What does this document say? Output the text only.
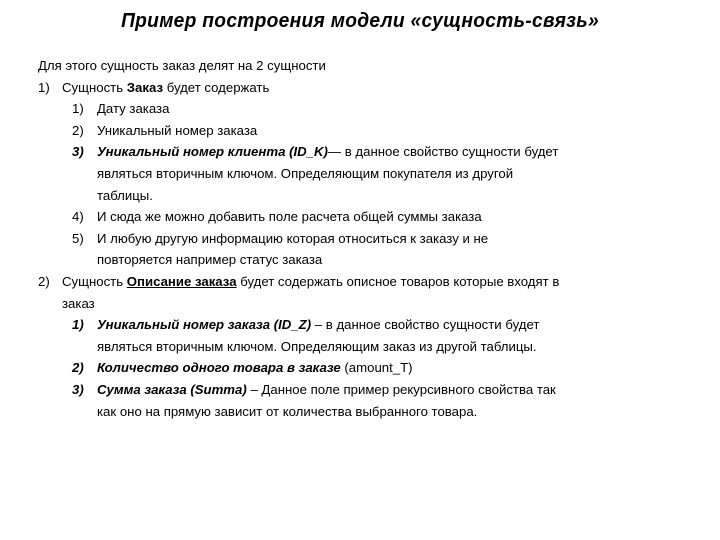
Пример построения модели «сущность-связь»
Для этого сущность заказ делят на 2 сущности
1) Сущность Заказ будет содержать
1) Дату заказа
2) Уникальный номер заказа
3) Уникальный номер клиента (ID_K)— в данное свойство сущности будет
являться вторичным ключом. Определяющим покупателя из другой
таблицы.
4) И сюда же можно добавить поле расчета общей суммы заказа
5) И любую другую информацию которая относиться к заказу и не
повторяется например статус заказа
2) Сущность Описание заказа будет содержать описное товаров которые входят в
заказ
1) Уникальный номер заказа (ID_Z) – в данное свойство сущности будет
являться вторичным ключом. Определяющим заказ из другой таблицы.
2) Количество одного товара в заказе (amount_T)
3) Сумма заказа (Summa) – Данное поле пример рекурсивного свойства так
как оно на прямую зависит от количества выбранного товара.
